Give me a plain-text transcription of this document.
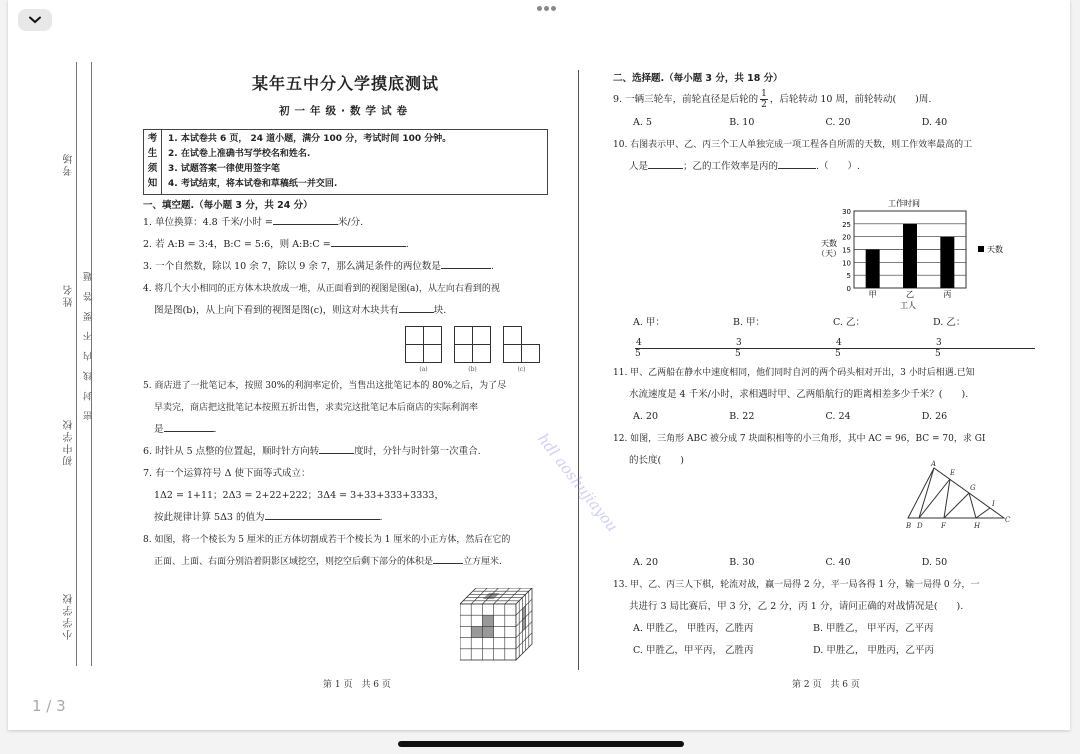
考场
姓名
初中学校
小学学校
密 封 线 内 不 要 答 题
某年五中分入学摸底测试
初一年级·数学试卷
考
生
须
知
1. 本试卷共 6 页， 24 道小题，满分 100 分，考试时间 100 分钟。
2. 在试卷上准确书写学校名和姓名.
3. 试题答案一律使用签字笔
4. 考试结束，将本试卷和草稿纸一并交回.
一、填空题.（每小题 3 分，共 24 分）
1. 单位换算：4.8 千米/小时 =	米/分.
2. 若 A:B = 3:4，B:C = 5:6，则 A:B:C =	.
3. 一个自然数，除以 10 余 7，除以 9 余 7，那么满足条件的两位数是	.
4. 将几个大小相同的正方体木块放成一堆，从正面看到的视图是图(a)，从左向右看到的视
图是图(b)，从上向下看到的视图是图(c)，则这对木块共有	块.
(a)	(b)	(c)
5. 商店进了一批笔记本，按照 30%的利润率定价，当售出这批笔记本的 80%之后，为了尽
早卖完，商店把这批笔记本按照五折出售，求卖完这批笔记本后商店的实际利润率
是	.
6. 时针从 5 点整的位置起，顺时针方向转	度时，分针与时针第一次重合.
7. 有一个运算符号 Δ 使下面等式成立：
1Δ2 = 1+11；2Δ3 = 2+22+222；3Δ4 = 3+33+333+3333，
按此规律计算 5Δ3 的值为	.
8. 如图，将一个棱长为 5 厘米的正方体切割成若干个棱长为 1 厘米的小正方体，然后在它的
正面、上面、右面分别沿着阴影区域挖空，则挖空后剩下部分的体积是	立方厘米.
第 1 页　共 6 页
二、选择题.（每小题 3 分，共 18 分）
9. 一辆三轮车，前轮直径是后轮的 $\frac{1}{2}$ ，后轮转动 10 周，前轮转动(　　)周.
A. 5	B. 10	C. 20	D. 40
10. 右图表示甲、乙、丙三个工人单独完成一项工程各自所需的天数，则工作效率最高的工
人是	；乙的工作效率是丙的	.（　　）.
A. 甲：
$\frac{4}{5}$
B. 甲：
$\frac{3}{5}$
C. 乙：
$\frac{4}{5}$
D. 乙：
$\frac{3}{5}$
11. 甲、乙两船在静水中速度相同，他们同时自河的两个码头相对开出，3 小时后相遇.已知
水流速度是 4 千米/小时，求相遇时甲、乙两船航行的距离相差多少千米？(　　).
A. 20	B. 22	C. 24	D. 26
12. 如图，三角形 ABC 被分成 7 块面积相等的小三角形，其中 AC = 96，BC = 70，求 GI
的长度(　　)
A. 20	B. 30	C. 40	D. 50
13. 甲、乙、丙三人下棋，轮流对战，赢一局得 2 分，平一局各得 1 分，输一局得 0 分，一
共进行 3 局比赛后，甲 3 分，乙 2 分，丙 1 分，请问正确的对战情况是(　　).
A. 甲胜乙， 甲胜丙，乙胜丙	B. 甲胜乙， 甲平丙，乙平丙
C. 甲胜乙，甲平丙， 乙胜丙	D. 甲胜乙， 甲胜丙，乙平丙
工作时间
0
5
10
15
20
25
30
甲	乙	丙
天数
（天）
工人
天数
A
E
G
I
B D	F	H
C
第 2 页　共 6 页
hdl aoshujiayou
1 / 3
